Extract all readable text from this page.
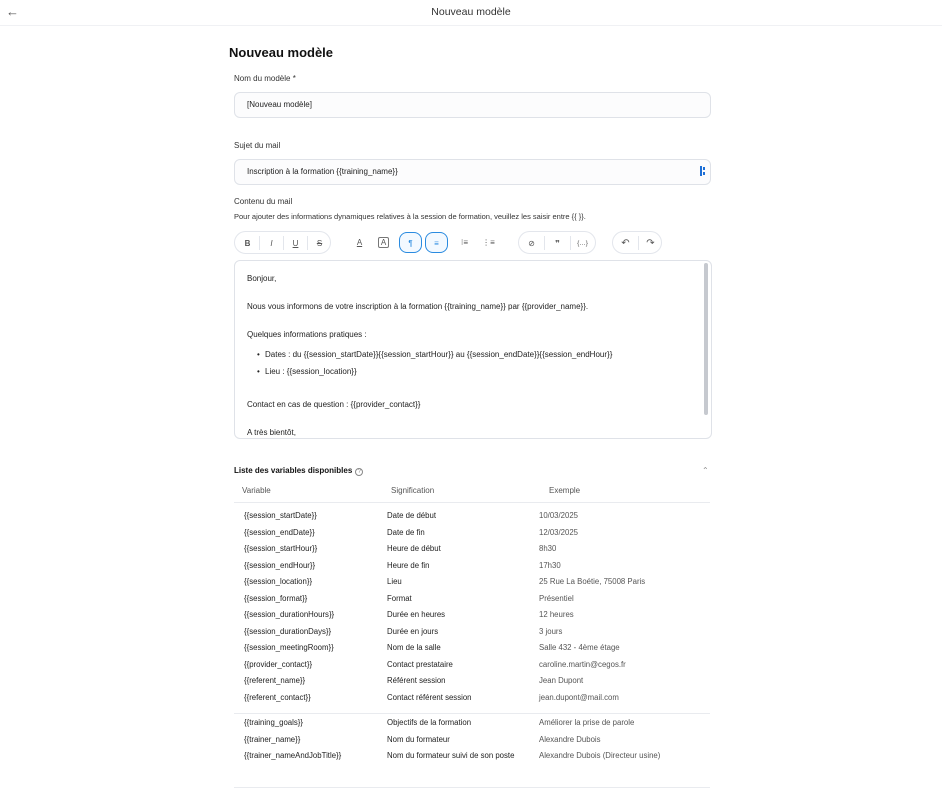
←	Nouveau modèle
Nouveau modèle
Nom du modèle *
[Nouveau modèle]
Sujet du mail
Inscription à la formation {{training_name}}
Contenu du mail
Pour ajouter des informations dynamiques relatives à la session de formation, veuillez les saisir entre {{ }}.
B	I	U	S	A	A	¶	≡	⁝≡	⋮≡	⊘	❞	{…}	↶	↷
Bonjour,
Nous vous informons de votre inscription à la formation {{training_name}} par {{provider_name}}.
Quelques informations pratiques :
• Dates : du {{session_startDate}}{{session_startHour}} au {{session_endDate}}{{session_endHour}}
• Lieu : {{session_location}}
Contact en cas de question : {{provider_contact}}
A très bientôt,
Liste des variables disponibles ?	⌃
Variable	Signification	Exemple
{{session_startDate}}	Date de début	10/03/2025
{{session_endDate}}	Date de fin	12/03/2025
{{session_startHour}}	Heure de début	8h30
{{session_endHour}}	Heure de fin	17h30
{{session_location}}	Lieu	25 Rue La Boétie, 75008 Paris
{{session_format}}	Format	Présentiel
{{session_durationHours}}	Durée en heures	12 heures
{{session_durationDays}}	Durée en jours	3 jours
{{session_meetingRoom}}	Nom de la salle	Salle 432 - 4ème étage
{{provider_contact}}	Contact prestataire	caroline.martin@cegos.fr
{{referent_name}}	Référent session	Jean Dupont
{{referent_contact}}	Contact référent session	jean.dupont@mail.com
{{training_goals}}	Objectifs de la formation	Améliorer la prise de parole
{{trainer_name}}	Nom du formateur	Alexandre Dubois
{{trainer_nameAndJobTitle}}	Nom du formateur suivi de son poste	Alexandre Dubois (Directeur usine)
